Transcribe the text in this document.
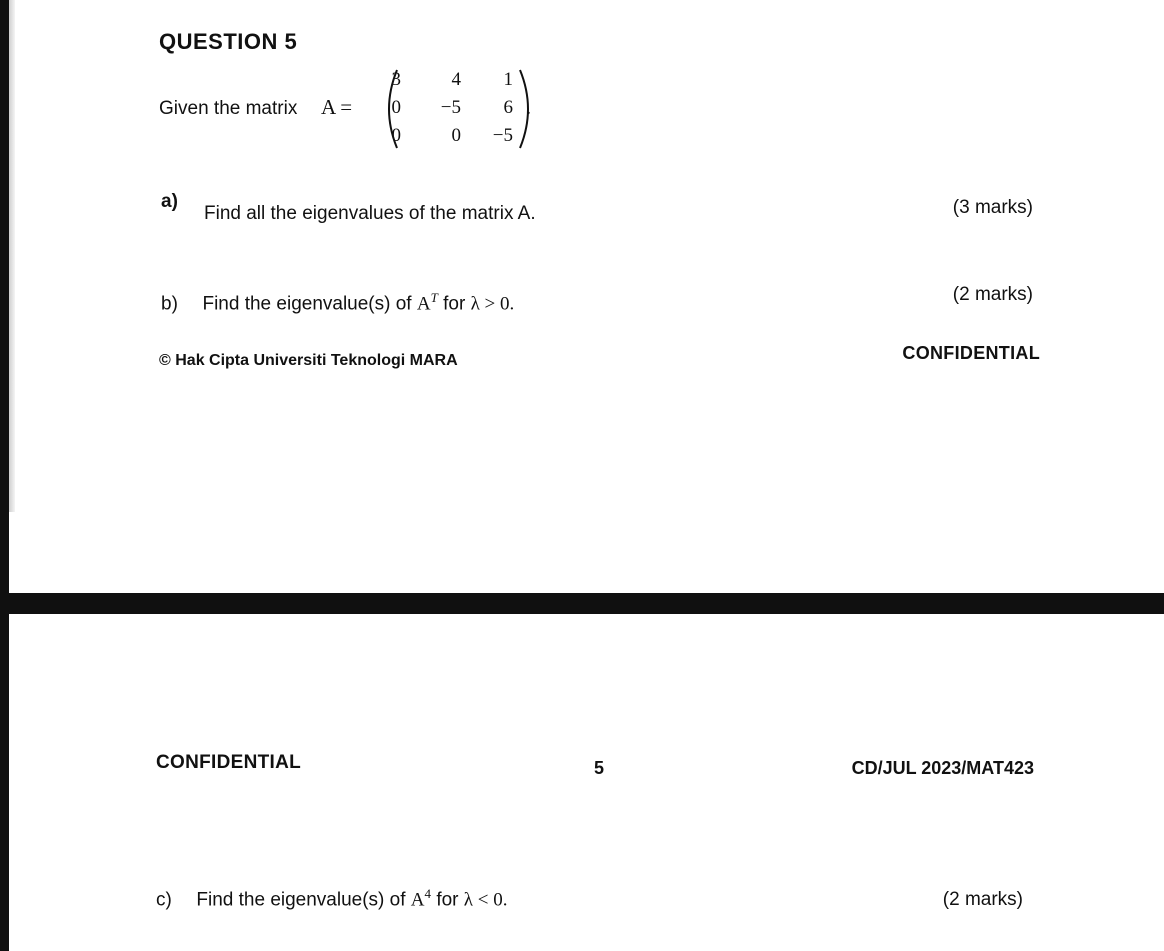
QUESTION 5
Given the matrix A =
3	4	1
0	−5	6
0	0	−5
.
a)
Find all the eigenvalues of the matrix A.	(3 marks)
b) Find the eigenvalue(s) of $A^T$ for λ > 0.	(2 marks)
© Hak Cipta Universiti Teknologi MARA	CONFIDENTIAL
CONFIDENTIAL	5	CD/JUL 2023/MAT423
c) Find the eigenvalue(s) of $A^4$ for λ < 0.	(2 marks)
